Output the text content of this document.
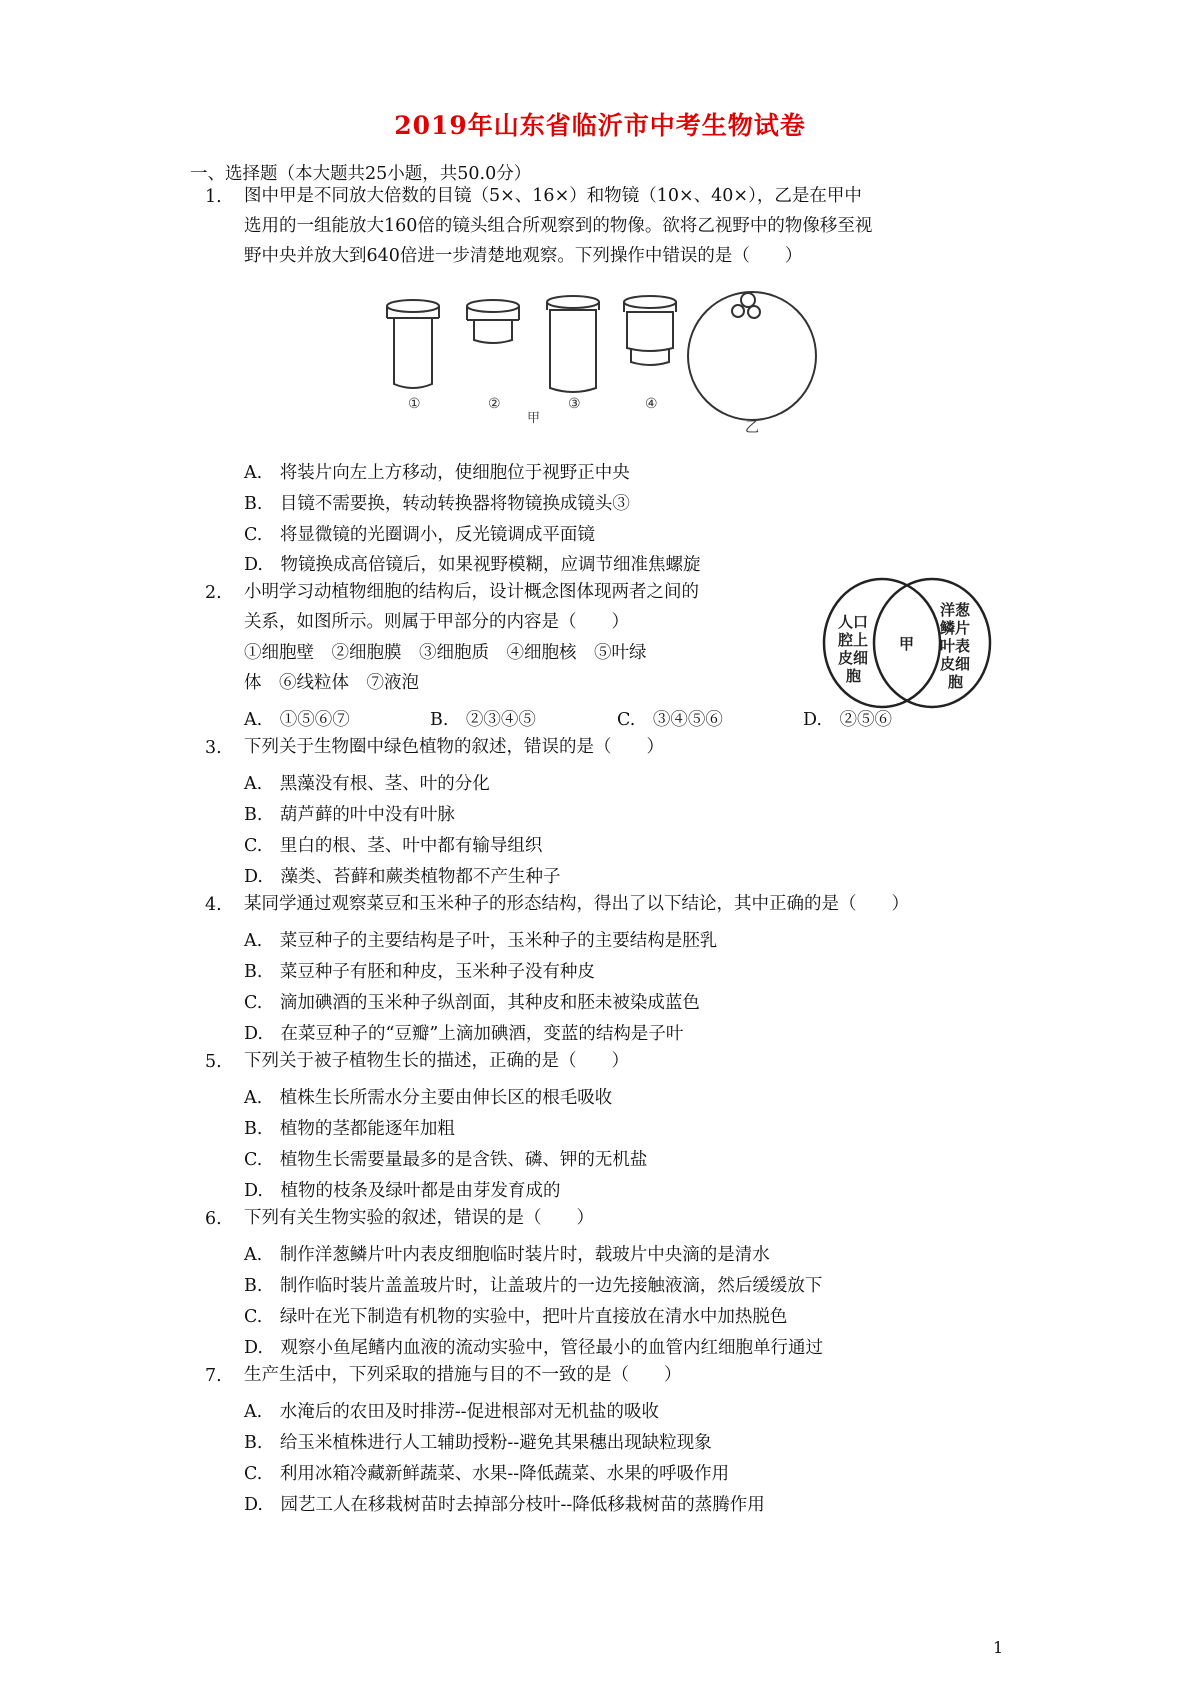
2019年山东省临沂市中考生物试卷
一、选择题（本大题共25小题，共50.0分）
1. 图中甲是不同放大倍数的目镜（5×、16×）和物镜（10×、40×），乙是在甲中
选用的一组能放大160倍的镜头组合所观察到的物像。欲将乙视野中的物像移至视
野中央并放大到640倍进一步清楚地观察。下列操作中错误的是（　　）
①	②	③	④
甲
乙
A.　将装片向左上方移动，使细胞位于视野正中央
B.　目镜不需要换，转动转换器将物镜换成镜头③
C.　将显微镜的光圈调小，反光镜调成平面镜
D.　物镜换成高倍镜后，如果视野模糊，应调节细准焦螺旋
2. 小明学习动植物细胞的结构后，设计概念图体现两者之间的
关系，如图所示。则属于甲部分的内容是（　　）
①细胞壁　②细胞膜　③细胞质　④细胞核　⑤叶绿
体　⑥线粒体　⑦液泡
A.　①⑤⑥⑦	B.　②③④⑤	C.　③④⑤⑥	D.　②⑤⑥
人口
腔上
皮细
胞
甲
洋葱
鳞片
叶表
皮细
胞
3. 下列关于生物圈中绿色植物的叙述，错误的是（　　）
A.　黑藻没有根、茎、叶的分化
B.　葫芦藓的叶中没有叶脉
C.　里白的根、茎、叶中都有输导组织
D.　藻类、苔藓和蕨类植物都不产生种子
4. 某同学通过观察菜豆和玉米种子的形态结构，得出了以下结论，其中正确的是（　　）
A.　菜豆种子的主要结构是子叶，玉米种子的主要结构是胚乳
B.　菜豆种子有胚和种皮，玉米种子没有种皮
C.　滴加碘酒的玉米种子纵剖面，其种皮和胚未被染成蓝色
D.　在菜豆种子的“豆瓣”上滴加碘酒，变蓝的结构是子叶
5. 下列关于被子植物生长的描述，正确的是（　　）
A.　植株生长所需水分主要由伸长区的根毛吸收
B.　植物的茎都能逐年加粗
C.　植物生长需要量最多的是含铁、磷、钾的无机盐
D.　植物的枝条及绿叶都是由芽发育成的
6. 下列有关生物实验的叙述，错误的是（　　）
A.　制作洋葱鳞片叶内表皮细胞临时装片时，载玻片中央滴的是清水
B.　制作临时装片盖盖玻片时，让盖玻片的一边先接触液滴，然后缓缓放下
C.　绿叶在光下制造有机物的实验中，把叶片直接放在清水中加热脱色
D.　观察小鱼尾鳍内血液的流动实验中，管径最小的血管内红细胞单行通过
7. 生产生活中，下列采取的措施与目的不一致的是（　　）
A.　水淹后的农田及时排涝--促进根部对无机盐的吸收
B.　给玉米植株进行人工辅助授粉--避免其果穗出现缺粒现象
C.　利用冰箱冷藏新鲜蔬菜、水果--降低蔬菜、水果的呼吸作用
D.　园艺工人在移栽树苗时去掉部分枝叶--降低移栽树苗的蒸腾作用
1
